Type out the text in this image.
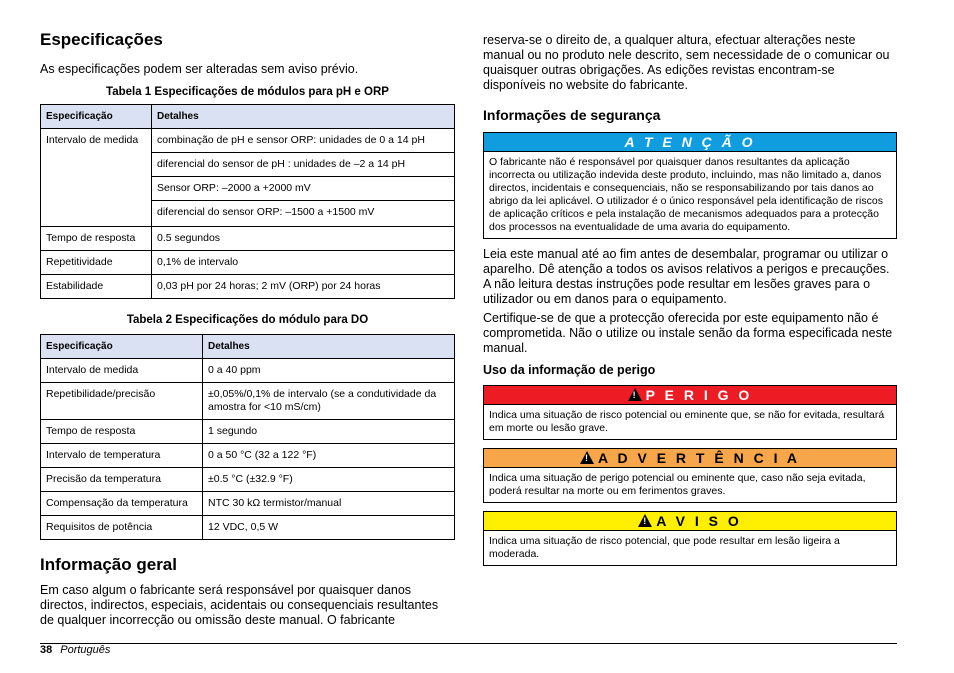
Especificações

As especificações podem ser alteradas sem aviso prévio.

Tabela 1 Especificações de módulos para pH e ORP
Especificação	Detalhes
Intervalo de medida	combinação de pH e sensor ORP: unidades de 0 a 14 pH
	diferencial do sensor de pH : unidades de –2 a 14 pH
	Sensor ORP: –2000 a +2000 mV
	diferencial do sensor ORP: –1500 a +1500 mV
Tempo de resposta	0.5 segundos
Repetitividade	0,1% de intervalo
Estabilidade	0,03 pH por 24 horas; 2 mV (ORP) por 24 horas
Tabela 2 Especificações do módulo para DO
Especificação	Detalhes
Intervalo de medida	0 a 40 ppm
Repetibilidade/precisão	±0,05%/0,1% de intervalo (se a condutividade da amostra for <10 mS/cm)
Tempo de resposta	1 segundo
Intervalo de temperatura	0 a 50 °C (32 a 122 °F)
Precisão da temperatura	±0.5 °C (±32.9 °F)
Compensação da temperatura	NTC 30 kΩ termistor/manual
Requisitos de potência	12 VDC, 0,5 W
Informação geral

Em caso algum o fabricante será responsável por quaisquer danos directos, indirectos, especiais, acidentais ou consequenciais resultantes de qualquer incorrecção ou omissão deste manual. O fabricante

reserva-se o direito de, a qualquer altura, efectuar alterações neste manual ou no produto nele descrito, sem necessidade de o comunicar ou quaisquer outras obrigações. As edições revistas encontram-se disponíveis no website do fabricante.

Informações de segurança
A T E N Ç Ã O
O fabricante não é responsável por quaisquer danos resultantes da aplicação incorrecta ou utilização indevida deste produto, incluindo, mas não limitado a, danos directos, incidentais e consequenciais, não se responsabilizando por tais danos ao abrigo da lei aplicável. O utilizador é o único responsável pela identificação de riscos de aplicação críticos e pela instalação de mecanismos adequados para a protecção dos processos na eventualidade de uma avaria do equipamento.

Leia este manual até ao fim antes de desembalar, programar ou utilizar o aparelho. Dê atenção a todos os avisos relativos a perigos e precauções. A não leitura destas instruções pode resultar em lesões graves para o utilizador ou em danos para o equipamento.

Certifique-se de que a protecção oferecida por este equipamento não é comprometida. Não o utilize ou instale senão da forma especificada neste manual.

Uso da informação de perigo
!P E R I G O
Indica uma situação de risco potencial ou eminente que, se não for evitada, resultará em morte ou lesão grave.
!A D V E R T Ê N C I A
Indica uma situação de perigo potencial ou eminente que, caso não seja evitada, poderá resultar na morte ou em ferimentos graves.
!A V I S O
Indica uma situação de risco potencial, que pode resultar em lesão ligeira a moderada.
38 Português
